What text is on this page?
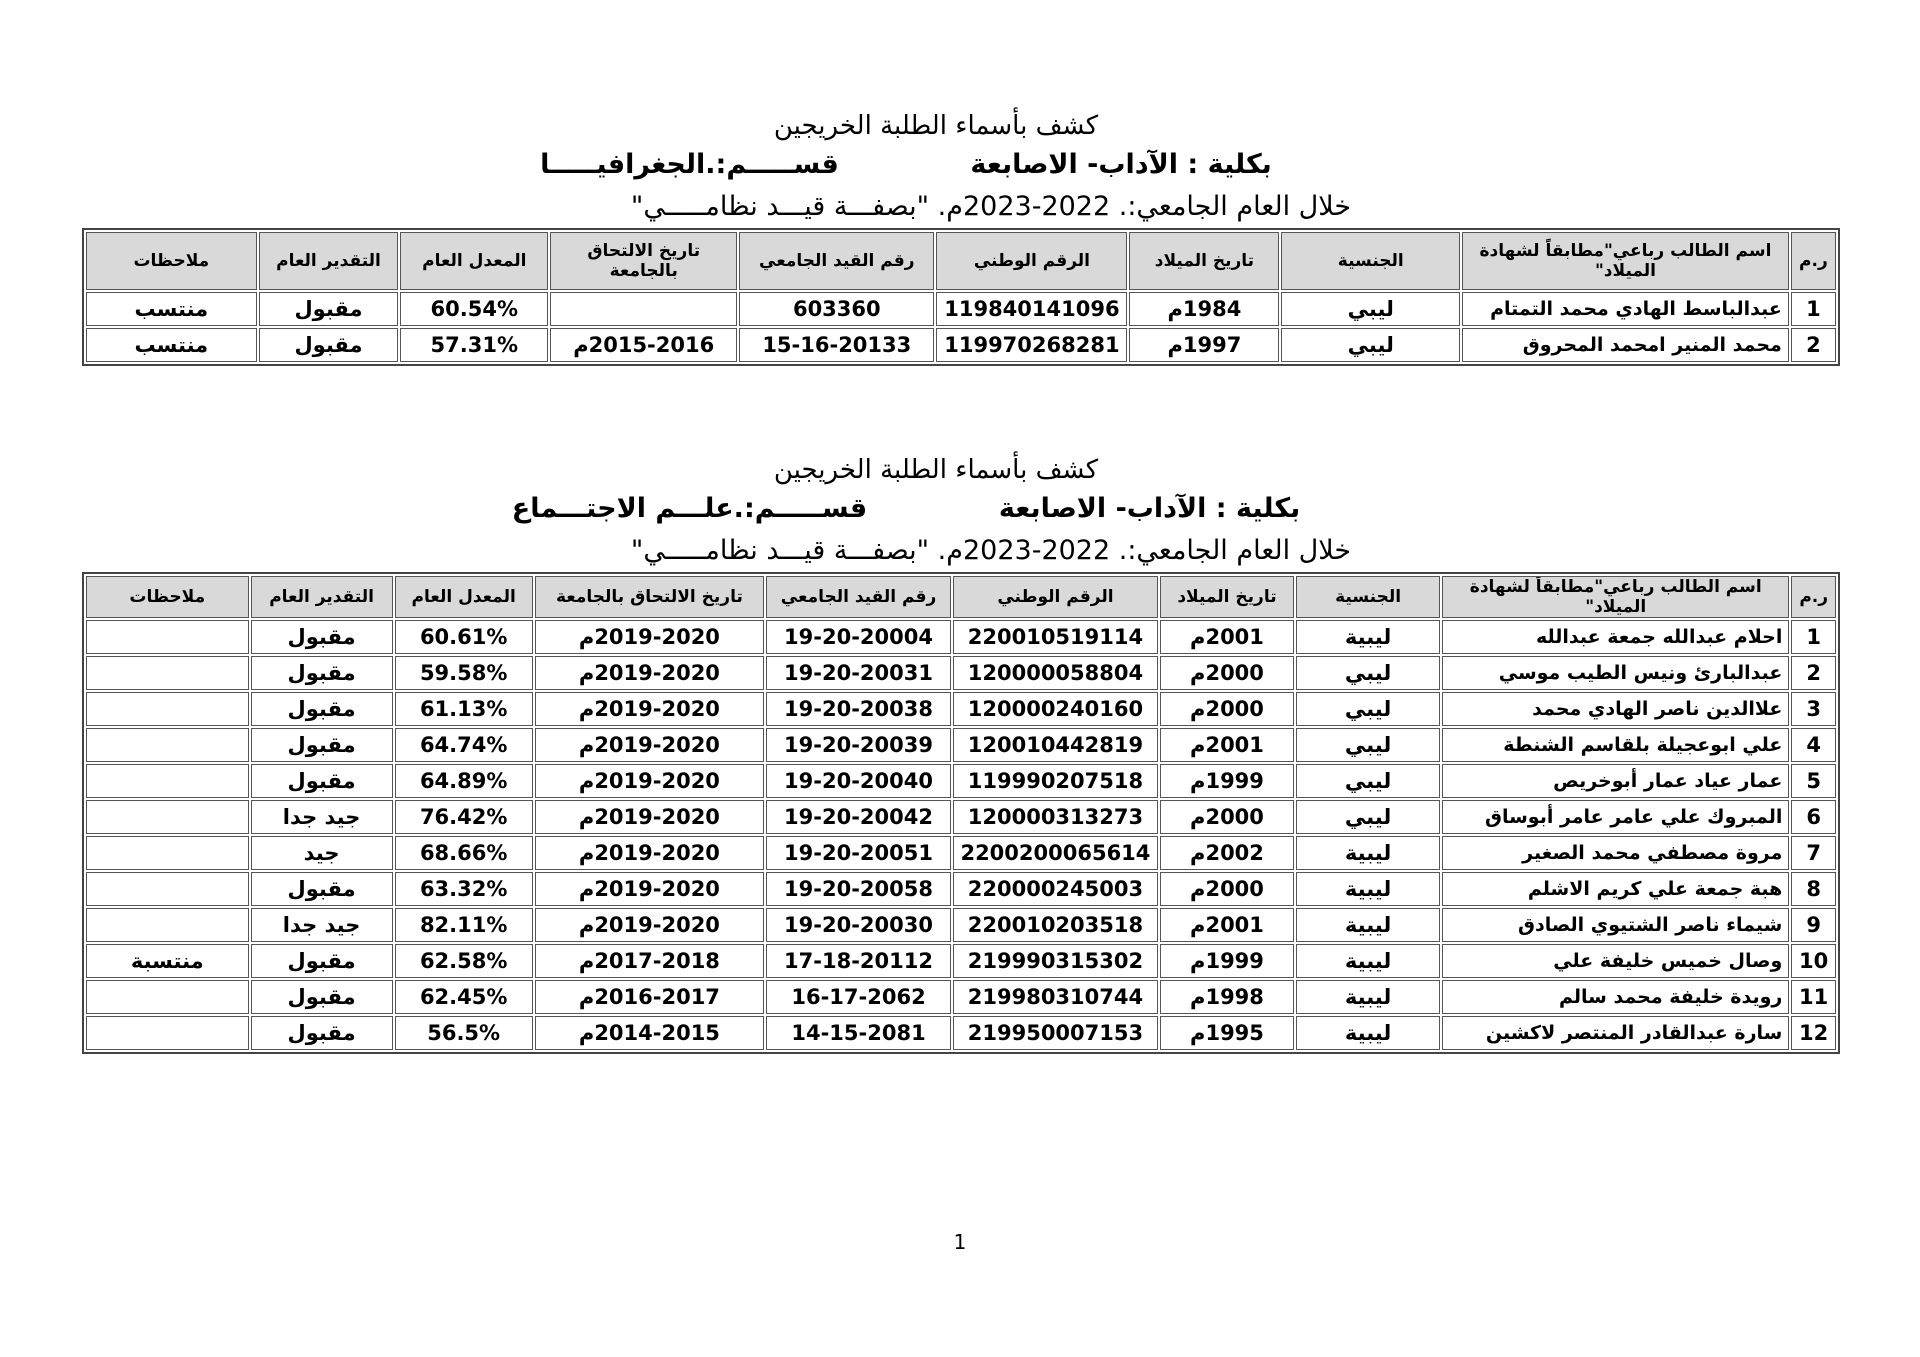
كشف بأسماء الطلبة الخريجين
بكلية : الآداب- الاصابعة              قســـــم:.الجغرافيـــــا
خلال العام الجامعي:. 2022-2023م. "بصفـــة قيـــد نظامـــــي"
ر.م	اسم الطالب رباعي"مطابقاً لشهادة الميلاد"	الجنسية	تاريخ الميلاد	الرقم الوطني	رقم القيد الجامعي	تاريخ الالتحاق بالجامعة	المعدل العام	التقدير العام	ملاحظات
1	عبدالباسط الهادي محمد التمتام	ليبي	1984م	119840141096	603360		60.54%	مقبول	منتسب
2	محمد المنير امحمد المحروق	ليبي	1997م	119970268281	15-16-20133	2015-2016م	57.31%	مقبول	منتسب
كشف بأسماء الطلبة الخريجين
بكلية : الآداب- الاصابعة              قســـــم:.علـــم الاجتـــماع
خلال العام الجامعي:. 2022-2023م. "بصفـــة قيـــد نظامـــــي"
ر.م	اسم الطالب رباعي"مطابقاً لشهادة الميلاد"	الجنسية	تاريخ الميلاد	الرقم الوطني	رقم القيد الجامعي	تاريخ الالتحاق بالجامعة	المعدل العام	التقدير العام	ملاحظات
1	احلام عبدالله جمعة عبدالله	ليبية	2001م	220010519114	19-20-20004	2019-2020م	60.61%	مقبول	
2	عبدالبارئ ونيس الطيب موسي	ليبي	2000م	120000058804	19-20-20031	2019-2020م	59.58%	مقبول	
3	علاالدين ناصر الهادي محمد	ليبي	2000م	120000240160	19-20-20038	2019-2020م	61.13%	مقبول	
4	علي ابوعجيلة بلقاسم الشنطة	ليبي	2001م	120010442819	19-20-20039	2019-2020م	64.74%	مقبول	
5	عمار عياد عمار أبوخريص	ليبي	1999م	119990207518	19-20-20040	2019-2020م	64.89%	مقبول	
6	المبروك علي عامر عامر أبوساق	ليبي	2000م	120000313273	19-20-20042	2019-2020م	76.42%	جيد جدا	
7	مروة مصطفي محمد الصغير	ليبية	2002م	2200200065614	19-20-20051	2019-2020م	68.66%	جيد	
8	هبة جمعة علي كريم الاشلم	ليبية	2000م	220000245003	19-20-20058	2019-2020م	63.32%	مقبول	
9	شيماء ناصر الشتيوي الصادق	ليبية	2001م	220010203518	19-20-20030	2019-2020م	82.11%	جيد جدا	
10	وصال خميس خليفة علي	ليبية	1999م	219990315302	17-18-20112	2017-2018م	62.58%	مقبول	منتسبة
11	رويدة خليفة محمد سالم	ليبية	1998م	219980310744	16-17-2062	2016-2017م	62.45%	مقبول	
12	سارة عبدالقادر المنتصر لاكشين	ليبية	1995م	219950007153	14-15-2081	2014-2015م	56.5%	مقبول	
1
